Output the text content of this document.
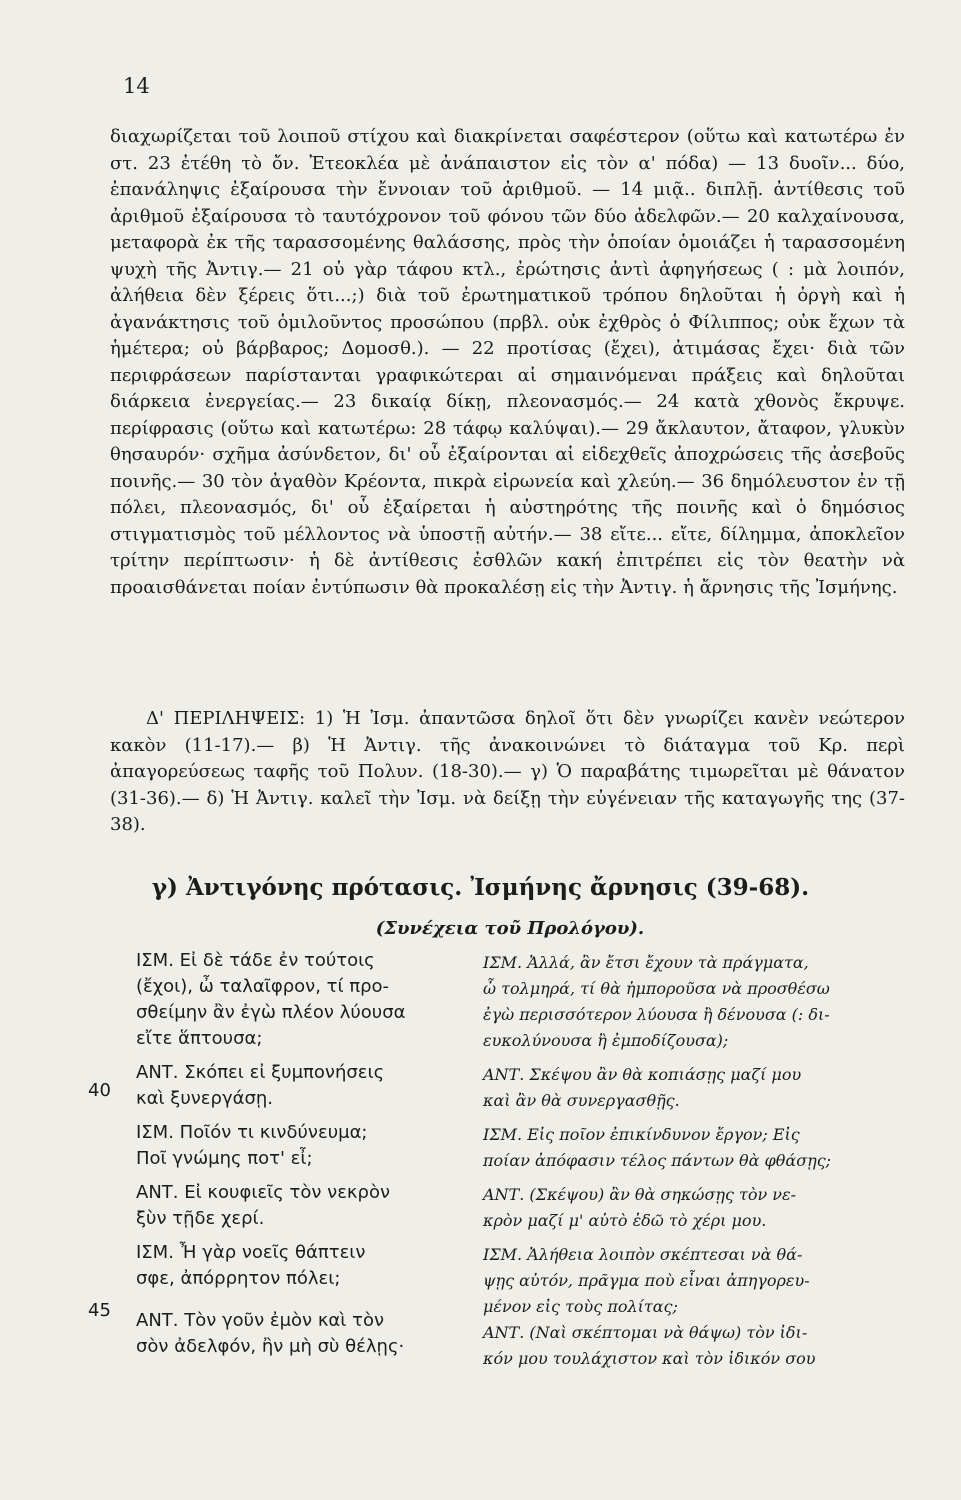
14

διαχωρίζεται τοῦ λοιποῦ στίχου καὶ διακρίνεται σαφέστερον (οὕτω καὶ κατωτέρω ἐν στ. 23 ἐτέθη τὸ ὄν. Ἐτεοκλέα μὲ ἀνάπαιστον εἰς τὸν α' πόδα) — 13 δυοῖν... δύο, ἐπανάληψις ἐξαίρουσα τὴν ἔννοιαν τοῦ ἀριθμοῦ. — 14 μιᾷ.. διπλῇ. ἀντίθεσις τοῦ ἀριθμοῦ ἐξαίρουσα τὸ ταυτόχρονον τοῦ φόνου τῶν δύο ἀδελφῶν.— 20 καλχαίνουσα, μεταφορὰ ἐκ τῆς ταρασσομένης θαλάσσης, πρὸς τὴν ὁποίαν ὁμοιάζει ἡ ταρασσομένη ψυχὴ τῆς Ἀντιγ.— 21 οὐ γὰρ τάφου κτλ., ἐρώτησις ἀντὶ ἀφηγήσεως ( : μὰ λοιπόν, ἀλήθεια δὲν ξέρεις ὅτι...;) διὰ τοῦ ἐρωτηματικοῦ τρόπου δηλοῦται ἡ ὀργὴ καὶ ἡ ἀγανάκτησις τοῦ ὁμιλοῦντος προσώπου (πρβλ. οὐκ ἐχθρὸς ὁ Φίλιππος; οὐκ ἔχων τὰ ἡμέτερα; οὐ βάρβαρος; Δομοσθ.). — 22 προτίσας (ἔχει), ἀτιμάσας ἔχει· διὰ τῶν περιφράσεων παρίστανται γραφικώτεραι αἱ σημαινόμεναι πράξεις καὶ δηλοῦται διάρκεια ἐνεργείας.— 23 δικαίᾳ δίκῃ, πλεονασμός.— 24 κατὰ χθονὸς ἔκρυψε. περίφρασις (οὕτω καὶ κατωτέρω: 28 τάφῳ καλύψαι).— 29 ἄκλαυτον, ἄταφον, γλυκὺν θησαυρόν· σχῆμα ἀσύνδετον, δι' οὗ ἐξαίρονται αἱ εἰδεχθεῖς ἀποχρώσεις τῆς ἀσεβοῦς ποινῆς.— 30 τὸν ἀγαθὸν Κρέοντα, πικρὰ εἰρωνεία καὶ χλεύη.— 36 δημόλευστον ἐν τῇ πόλει, πλεονασμός, δι' οὗ ἐξαίρεται ἡ αὐστηρότης τῆς ποινῆς καὶ ὁ δημόσιος στιγματισμὸς τοῦ μέλλοντος νὰ ὑποστῇ αὐτήν.— 38 εἴτε... εἴτε, δίλημμα, ἀποκλεῖον τρίτην περίπτωσιν· ἡ δὲ ἀντίθεσις ἐσθλῶν κακή ἐπιτρέπει εἰς τὸν θεατὴν νὰ προαισθάνεται ποίαν ἐντύπωσιν θὰ προκαλέσῃ εἰς τὴν Ἀντιγ. ἡ ἄρνησις τῆς Ἰσμήνης.

Δ' ΠΕΡΙΛΗΨΕΙΣ: 1) Ἡ Ἰσμ. ἀπαντῶσα δηλοῖ ὅτι δὲν γνωρίζει κανὲν νεώτερον κακὸν (11-17).— β) Ἡ Ἀντιγ. τῆς ἀνακοινώνει τὸ διάταγμα τοῦ Κρ. περὶ ἀπαγορεύσεως ταφῆς τοῦ Πολυν. (18-30).— γ) Ὁ παραβάτης τιμωρεῖται μὲ θάνατον (31-36).— δ) Ἡ Ἀντιγ. καλεῖ τὴν Ἰσμ. νὰ δείξῃ τὴν εὐγένειαν τῆς καταγωγῆς της (37-38).

γ) Ἀντιγόνης πρότασις. Ἰσμήνης ἄρνησις (39-68).
(Συνέχεια τοῦ Προλόγου).
40
45
ΙΣΜ. Εἰ δὲ τάδε ἐν τούτοις
(ἔχοι), ὦ ταλαῖφρον, τί προ-
σθείμην ἂν ἐγὼ πλέον λύουσα
εἴτε ἅπτουσα;
ΑΝΤ. Σκόπει εἰ ξυμπονήσεις
καὶ ξυνεργάσῃ.
ΙΣΜ. Ποῖόν τι κινδύνευμα;
Ποῖ γνώμης ποτ' εἶ;
ΑΝΤ. Εἰ κουφιεῖς τὸν νεκρὸν
ξὺν τῇδε χερί.
ΙΣΜ. Ἦ γὰρ νοεῖς θάπτειν
σφε, ἀπόρρητον πόλει;
ΑΝΤ. Τὸν γοῦν ἐμὸν καὶ τὸν
σὸν ἀδελφόν, ἢν μὴ σὺ θέλῃς·
ΙΣΜ. Ἀλλά, ἂν ἔτσι ἔχουν τὰ πράγματα,
ὦ τολμηρά, τί θὰ ἠμποροῦσα νὰ προσθέσω
ἐγὼ περισσότερον λύουσα ἢ δένουσα (: δι-
ευκολύνουσα ἢ ἐμποδίζουσα);
ΑΝΤ. Σκέψου ἂν θὰ κοπιάσῃς μαζί μου
καὶ ἂν θὰ συνεργασθῇς.
ΙΣΜ. Εἰς ποῖον ἐπικίνδυνον ἔργον; Εἰς
ποίαν ἀπόφασιν τέλος πάντων θὰ φθάσῃς;
ΑΝΤ. (Σκέψου) ἂν θὰ σηκώσῃς τὸν νε-
κρὸν μαζί μ' αὐτὸ ἐδῶ τὸ χέρι μου.
ΙΣΜ. Ἀλήθεια λοιπὸν σκέπτεσαι νὰ θά-
ψῃς αὐτόν, πρᾶγμα ποὺ εἶναι ἀπηγορευ-
μένον εἰς τοὺς πολίτας;
ΑΝΤ. (Ναὶ σκέπτομαι νὰ θάψω) τὸν ἰδι-
κόν μου τουλάχιστον καὶ τὸν ἰδικόν σου
